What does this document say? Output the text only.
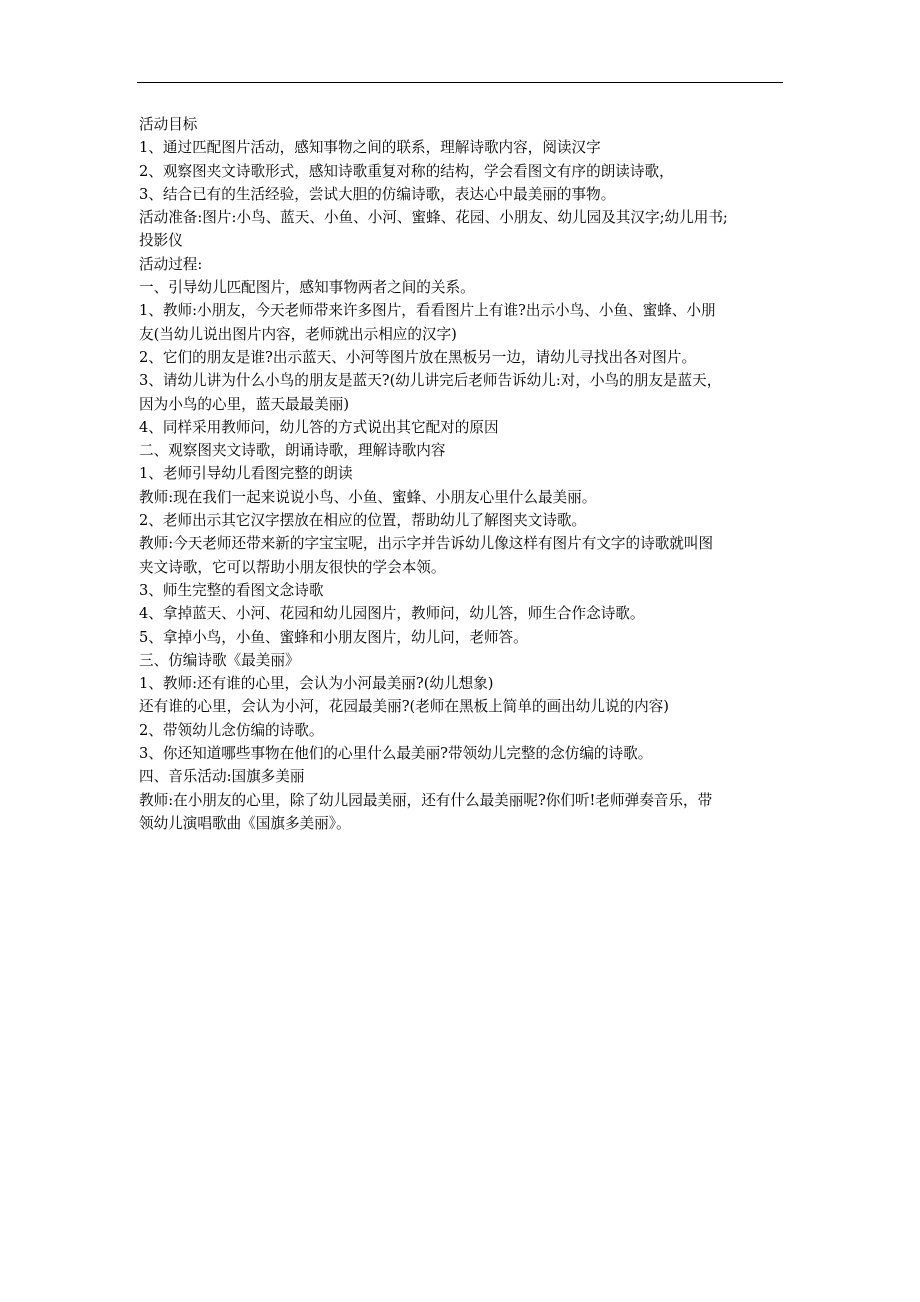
活动目标
1、通过匹配图片活动，感知事物之间的联系，理解诗歌内容，阅读汉字
2、观察图夹文诗歌形式，感知诗歌重复对称的结构，学会看图文有序的朗读诗歌，
3、结合已有的生活经验，尝试大胆的仿编诗歌，表达心中最美丽的事物。
活动准备:图片:小鸟、蓝天、小鱼、小河、蜜蜂、花园、小朋友、幼儿园及其汉字;幼儿用书;
投影仪
活动过程:
一、引导幼儿匹配图片，感知事物两者之间的关系。
1、教师:小朋友，今天老师带来许多图片，看看图片上有谁?出示小鸟、小鱼、蜜蜂、小朋
友(当幼儿说出图片内容，老师就出示相应的汉字)
2、它们的朋友是谁?出示蓝天、小河等图片放在黑板另一边，请幼儿寻找出各对图片。
3、请幼儿讲为什么小鸟的朋友是蓝天?(幼儿讲完后老师告诉幼儿:对，小鸟的朋友是蓝天，
因为小鸟的心里，蓝天最最美丽)
4、同样采用教师问，幼儿答的方式说出其它配对的原因
二、观察图夹文诗歌，朗诵诗歌，理解诗歌内容
1、老师引导幼儿看图完整的朗读
教师:现在我们一起来说说小鸟、小鱼、蜜蜂、小朋友心里什么最美丽。
2、老师出示其它汉字摆放在相应的位置，帮助幼儿了解图夹文诗歌。
教师:今天老师还带来新的字宝宝呢，出示字并告诉幼儿像这样有图片有文字的诗歌就叫图
夹文诗歌，它可以帮助小朋友很快的学会本领。
3、师生完整的看图文念诗歌
4、拿掉蓝天、小河、花园和幼儿园图片，教师问，幼儿答，师生合作念诗歌。
5、拿掉小鸟，小鱼、蜜蜂和小朋友图片，幼儿问，老师答。
三、仿编诗歌《最美丽》
1、教师:还有谁的心里，会认为小河最美丽?(幼儿想象)
还有谁的心里，会认为小河，花园最美丽?(老师在黑板上简单的画出幼儿说的内容)
2、带领幼儿念仿编的诗歌。
3、你还知道哪些事物在他们的心里什么最美丽?带领幼儿完整的念仿编的诗歌。
四、音乐活动:国旗多美丽
教师:在小朋友的心里，除了幼儿园最美丽，还有什么最美丽呢?你们听!老师弹奏音乐，带
领幼儿演唱歌曲《国旗多美丽》。
